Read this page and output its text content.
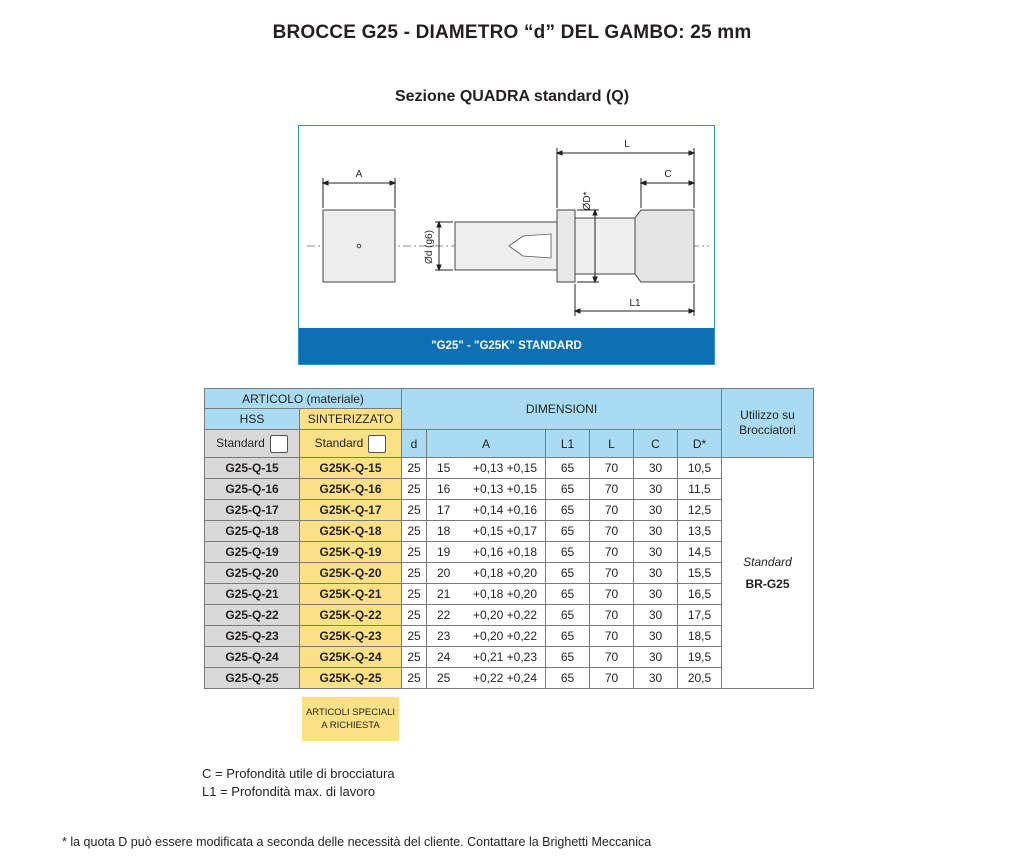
BROCCE G25 - DIAMETRO “d” DEL GAMBO: 25 mm
Sezione QUADRA standard (Q)
A
Ød (g6)
ØD*
L
C
L1
"G25" - "G25K" STANDARD
ARTICOLO (materiale)		DIMENSIONI						Utilizzo su Brocciatori
HSS	SINTERIZZATO							
Standard	Standard	d	A	L1	L	C	D*	
G25-Q-15	G25K-Q-15	25	15 +0,13 +0,15	65	70	30	10,5	Standard
BR-G25
G25-Q-16	G25K-Q-16	25	16 +0,13 +0,15	65	70	30	11,5	
G25-Q-17	G25K-Q-17	25	17 +0,14 +0,16	65	70	30	12,5	
G25-Q-18	G25K-Q-18	25	18 +0,15 +0,17	65	70	30	13,5	
G25-Q-19	G25K-Q-19	25	19 +0,16 +0,18	65	70	30	14,5	
G25-Q-20	G25K-Q-20	25	20 +0,18 +0,20	65	70	30	15,5	
G25-Q-21	G25K-Q-21	25	21 +0,18 +0,20	65	70	30	16,5	
G25-Q-22	G25K-Q-22	25	22 +0,20 +0,22	65	70	30	17,5	
G25-Q-23	G25K-Q-23	25	23 +0,20 +0,22	65	70	30	18,5	
G25-Q-24	G25K-Q-24	25	24 +0,21 +0,23	65	70	30	19,5	
G25-Q-25	G25K-Q-25	25	25 +0,22 +0,24	65	70	30	20,5	
ARTICOLI SPECIALI
A RICHIESTA
C = Profondità utile di brocciatura
L1 = Profondità max. di lavoro
* la quota D può essere modificata a seconda delle necessità del cliente. Contattare la Brighetti Meccanica
